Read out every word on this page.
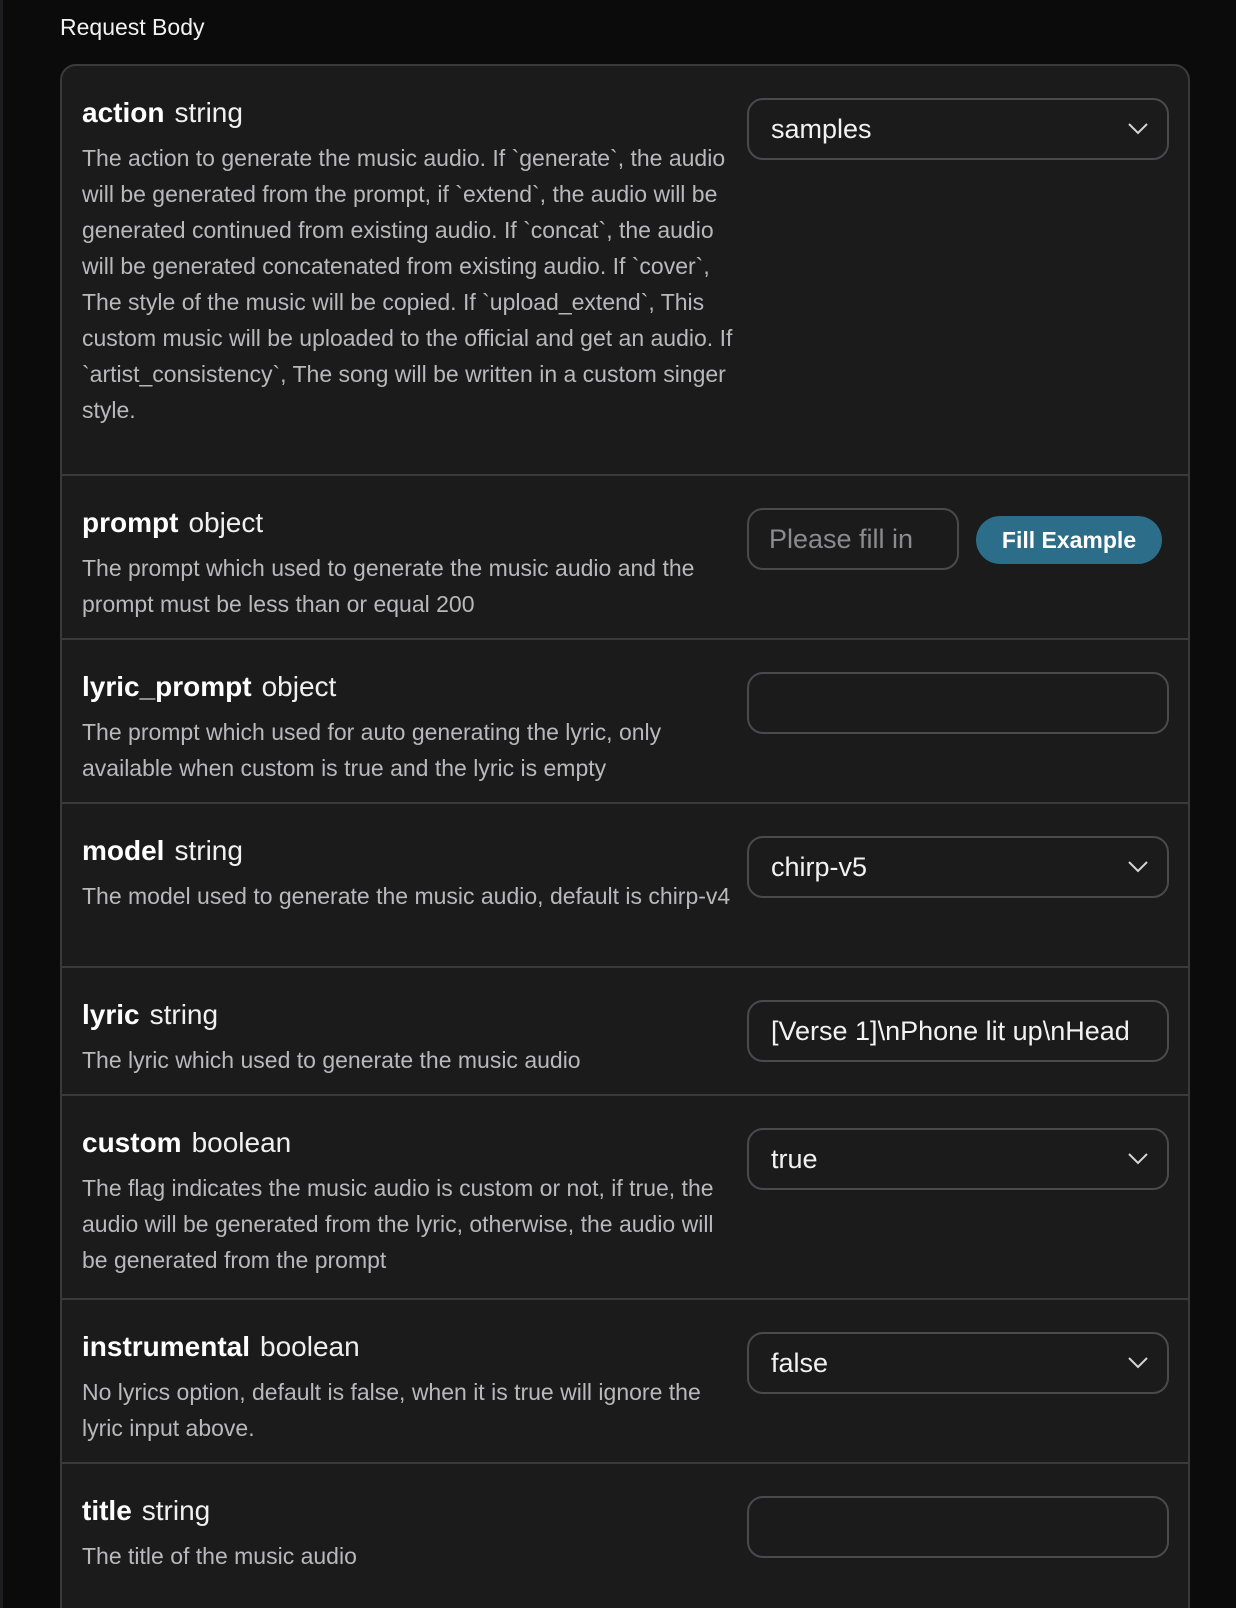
Request Body
action string
The action to generate the music audio. If `generate`, the audio will be generated from the prompt, if `extend`, the audio will be generated continued from existing audio. If `concat`, the audio will be generated concatenated from existing audio. If `cover`, The style of the music will be copied. If `upload_extend`, This custom music will be uploaded to the official and get an audio. If `artist_consistency`, The song will be written in a custom singer style.
samples
prompt object
The prompt which used to generate the music audio and the prompt must be less than or equal 200
Please fill in	Fill Example
lyric_prompt object
The prompt which used for auto generating the lyric, only available when custom is true and the lyric is empty
model string
The model used to generate the music audio, default is chirp-v4
chirp-v5
lyric string
The lyric which used to generate the music audio
[Verse 1]\nPhone lit up\nHead
custom boolean
The flag indicates the music audio is custom or not, if true, the audio will be generated from the lyric, otherwise, the audio will be generated from the prompt
true
instrumental boolean
No lyrics option, default is false, when it is true will ignore the lyric input above.
false
title string
The title of the music audio
